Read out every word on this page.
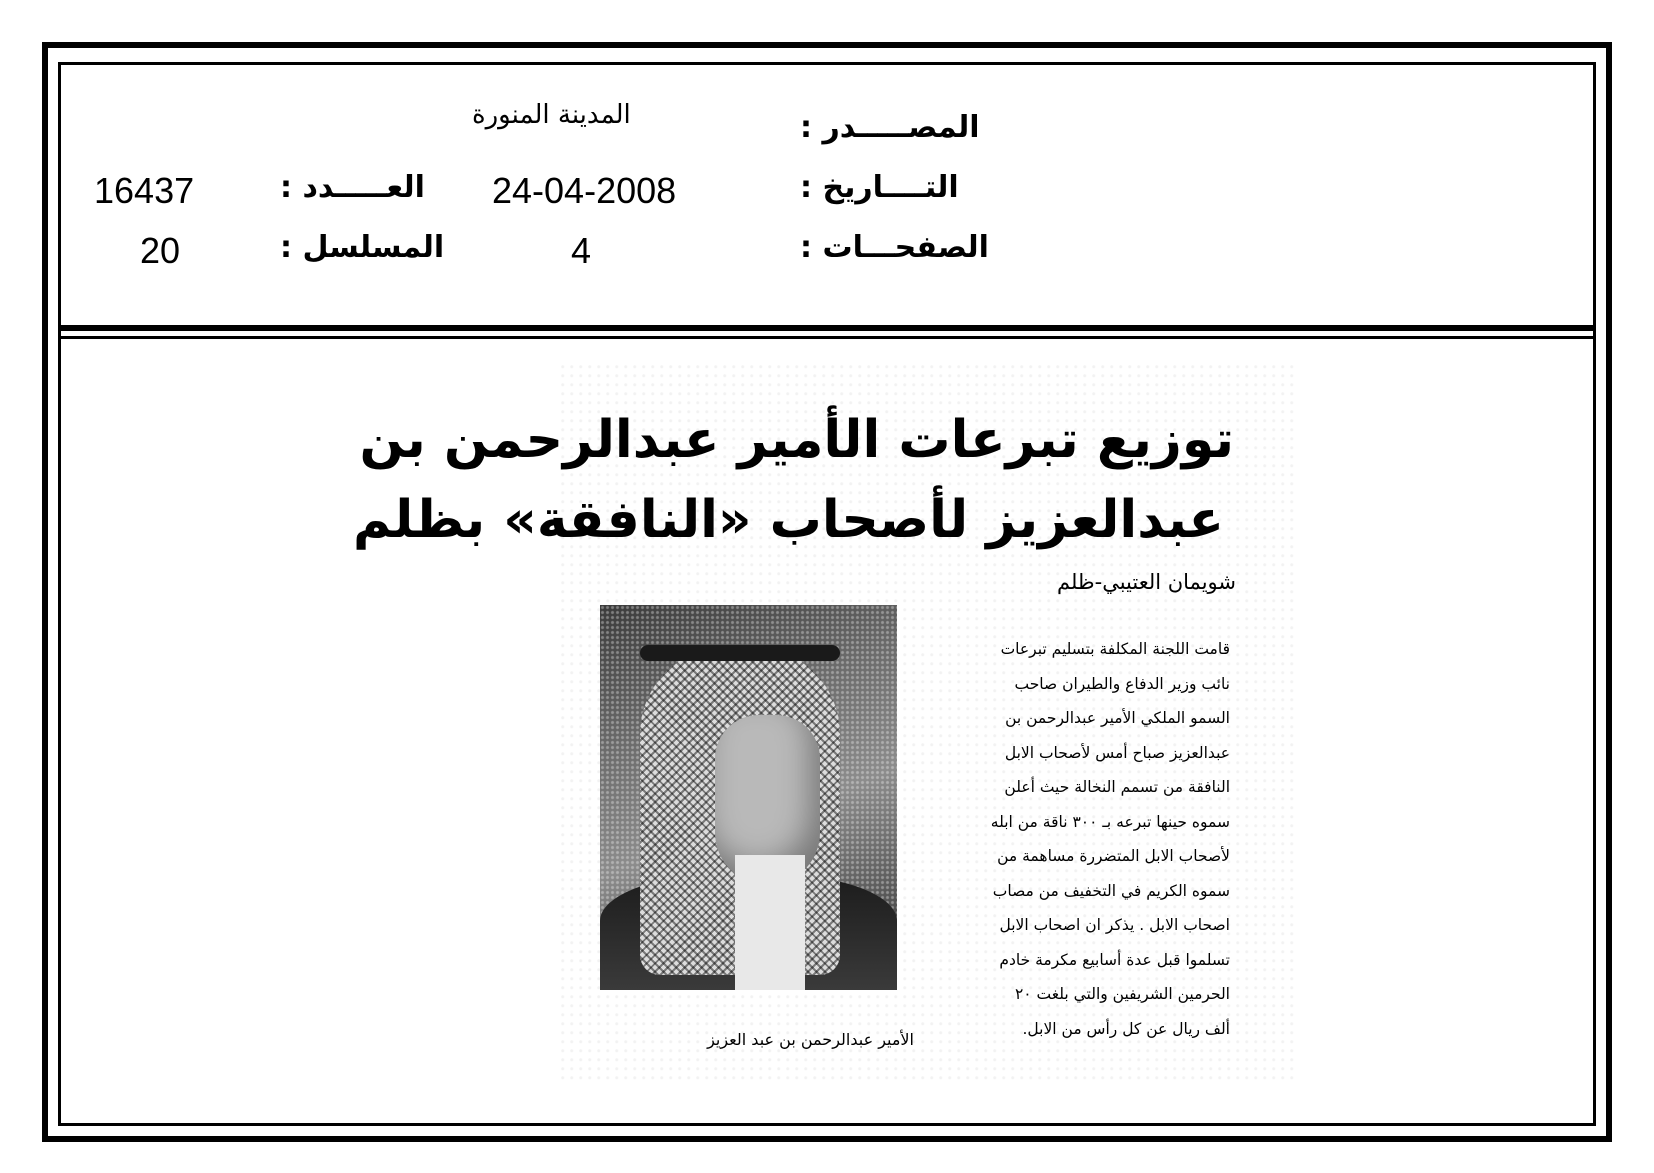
المصـــــدر :
المدينة المنورة
التــــاريخ :
24-04-2008
العـــــدد :
16437
الصفحـــات :
4
المسلسل :
20
توزيع تبرعات الأمير عبدالرحمن بن
عبدالعزيز لأصحاب «النافقة» بظلم
شويمان العتيبي-ظلم
الأمير عبدالرحمن بن عبد العزيز
قامت اللجنة المكلفة بتسليم تبرعات
نائب وزير الدفاع والطيران صاحب
السمو الملكي الأمير عبدالرحمن بن
عبدالعزيز صباح أمس لأصحاب الابل
النافقة من تسمم النخالة حيث أعلن
سموه حينها تبرعه بـ ٣٠٠ ناقة من ابله
لأصحاب الابل المتضررة مساهمة من
سموه الكريم في التخفيف من مصاب
اصحاب الابل . يذكر ان اصحاب الابل
تسلموا قبل عدة أسابيع مكرمة خادم
الحرمين الشريفين والتي بلغت ٢٠
ألف ريال عن كل رأس من الابل.
